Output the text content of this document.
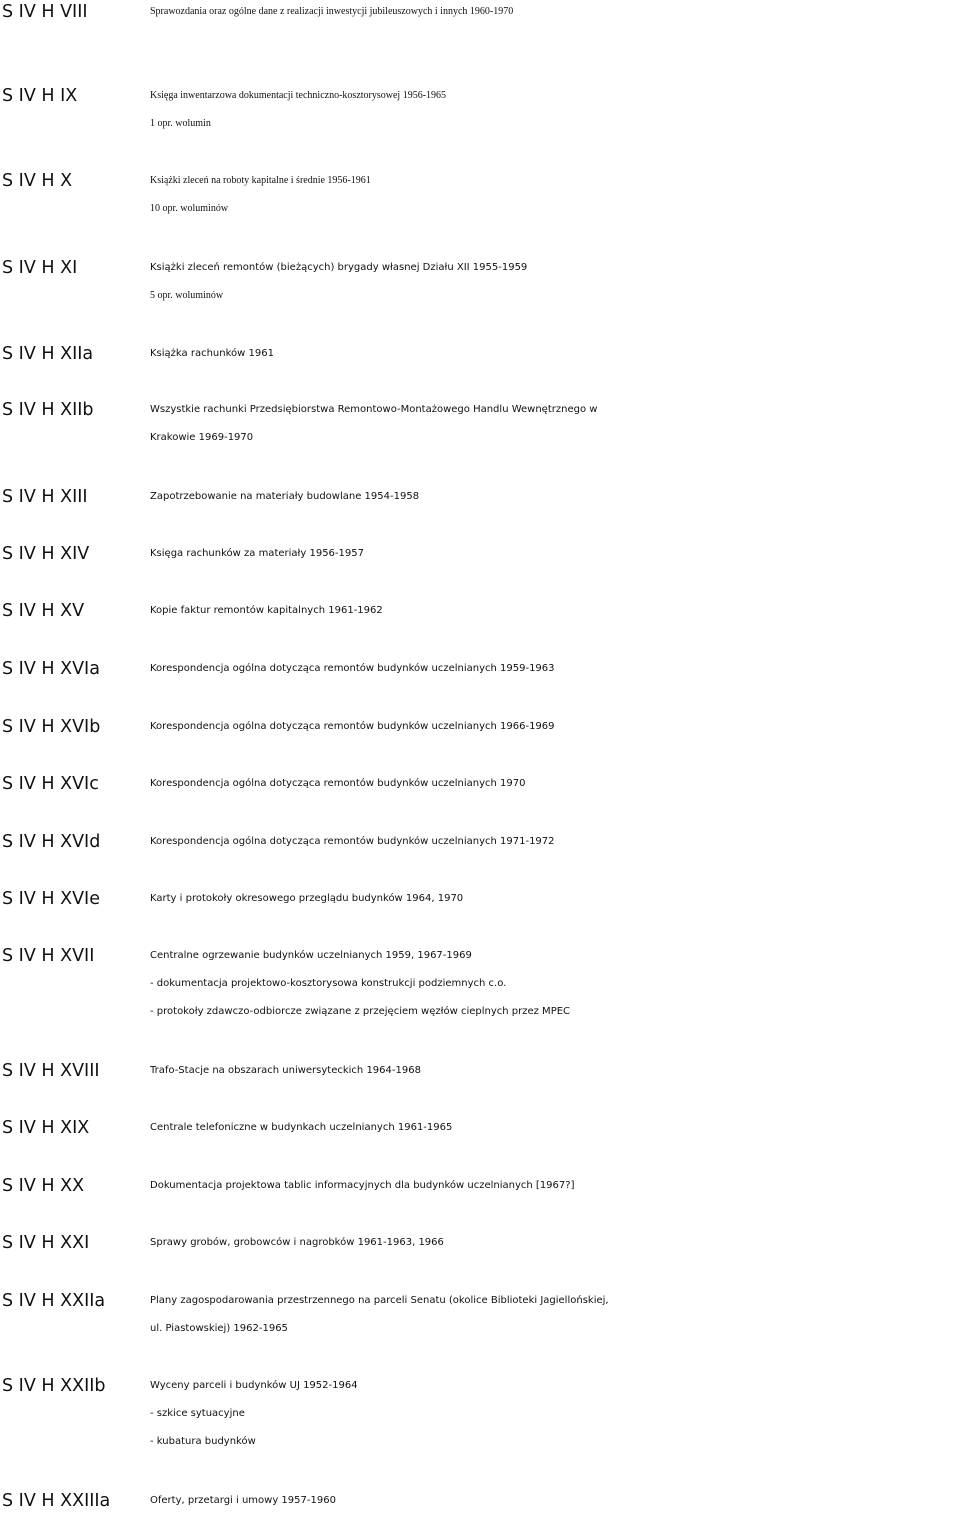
S IV H VIII	Sprawozdania oraz ogólne dane z realizacji inwestycji jubileuszowych i innych 1960-1970
S IV H IX	Księga inwentarzowa dokumentacji techniczno-kosztorysowej 1956-1965
1 opr. wolumin
S IV H X	Książki zleceń na roboty kapitalne i średnie 1956-1961
10 opr. woluminów
S IV H XI	Książki zleceń remontów (bieżących) brygady własnej Działu XII 1955-1959
5 opr. woluminów
S IV H XIIa	Książka rachunków 1961
S IV H XIIb	Wszystkie rachunki Przedsiębiorstwa Remontowo-Montażowego Handlu Wewnętrznego w
Krakowie 1969-1970
S IV H XIII	Zapotrzebowanie na materiały budowlane 1954-1958
S IV H XIV	Księga rachunków za materiały 1956-1957
S IV H XV	Kopie faktur remontów kapitalnych 1961-1962
S IV H XVIa	Korespondencja ogólna dotycząca remontów budynków uczelnianych 1959-1963
S IV H XVIb	Korespondencja ogólna dotycząca remontów budynków uczelnianych 1966-1969
S IV H XVIc	Korespondencja ogólna dotycząca remontów budynków uczelnianych 1970
S IV H XVId	Korespondencja ogólna dotycząca remontów budynków uczelnianych 1971-1972
S IV H XVIe	Karty i protokoły okresowego przeglądu budynków 1964, 1970
S IV H XVII	Centralne ogrzewanie budynków uczelnianych 1959, 1967-1969
- dokumentacja projektowo-kosztorysowa konstrukcji podziemnych c.o.
- protokoły zdawczo-odbiorcze związane z przejęciem węzłów cieplnych przez MPEC
S IV H XVIII	Trafo-Stacje na obszarach uniwersyteckich 1964-1968
S IV H XIX	Centrale telefoniczne w budynkach uczelnianych 1961-1965
S IV H XX	Dokumentacja projektowa tablic informacyjnych dla budynków uczelnianych [1967?]
S IV H XXI	Sprawy grobów, grobowców i nagrobków 1961-1963, 1966
S IV H XXIIa	Plany zagospodarowania przestrzennego na parceli Senatu (okolice Biblioteki Jagiellońskiej,
ul. Piastowskiej) 1962-1965
S IV H XXIIb	Wyceny parceli i budynków UJ 1952-1964
- szkice sytuacyjne
- kubatura budynków
S IV H XXIIIa	Oferty, przetargi i umowy 1957-1960
